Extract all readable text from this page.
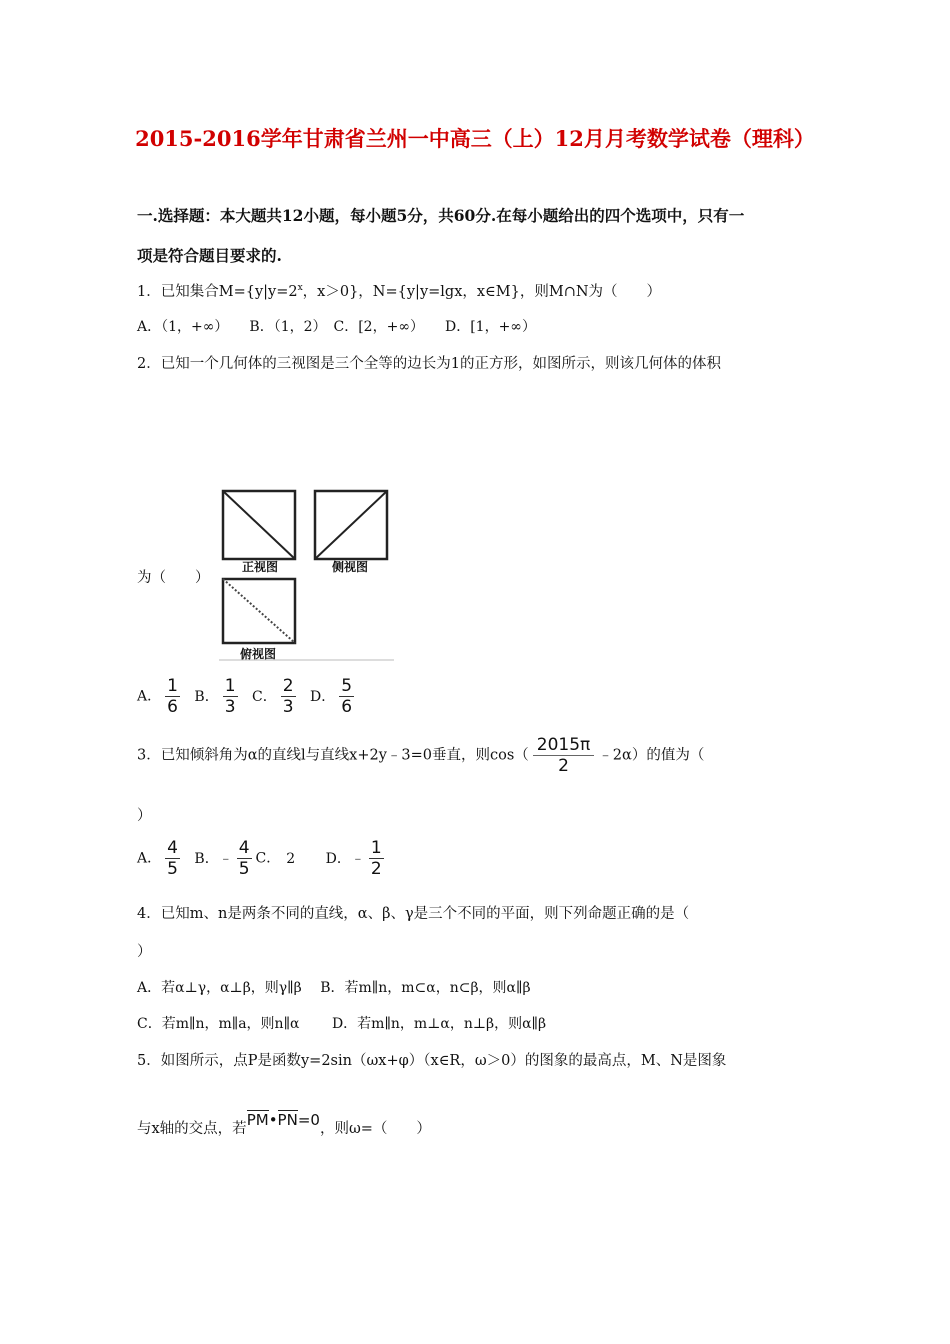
2015-2016学年甘肃省兰州一中高三（上）12月月考数学试卷（理科）
一.选择题：本大题共12小题，每小题5分，共60分.在每小题给出的四个选项中，只有一
项是符合题目要求的.
1．已知集合$M=\{y|y=2^x$，x＞0}，N={y|y=lgx，x∈M}，则M∩N为（　　）
A．（1，+∞）　　B．（1，2）　C．[2，+∞）　　D．[1，+∞）
2．已知一个几何体的三视图是三个全等的边长为1的正方形，如图所示，则该几何体的体积
为（　　）
正视图	侧视图
俯视图
A． $\frac{1}{6}$ B． $\frac{1}{3}$ C． $\frac{2}{3}$ D． $\frac{5}{6}$
3．已知倾斜角为α的直线l与直线x+2y﹣3=0垂直，则$\cos( \frac{2015\pi}{2}$ ﹣2α）的值为（
）
A． $\frac{4}{5}$ B．﹣ $\frac{4}{5}$ C． 2 D．﹣ $\frac{1}{2}$
4．已知m、n是两条不同的直线，α、β、γ是三个不同的平面，则下列命题正确的是（
）
A．若α⊥γ，α⊥β，则γ∥β　 B．若m∥n，m⊂α，n⊂β，则α∥β
C．若m∥n，m∥a，则n∥α　　 D．若m∥n，m⊥α，n⊥β，则α∥β
5．如图所示，点P是函数y=2sin（ωx+φ）（x∈R，ω＞0）的图象的最高点，M、N是图象
与x轴的交点，若PM•PN=0，则ω=（　　）
